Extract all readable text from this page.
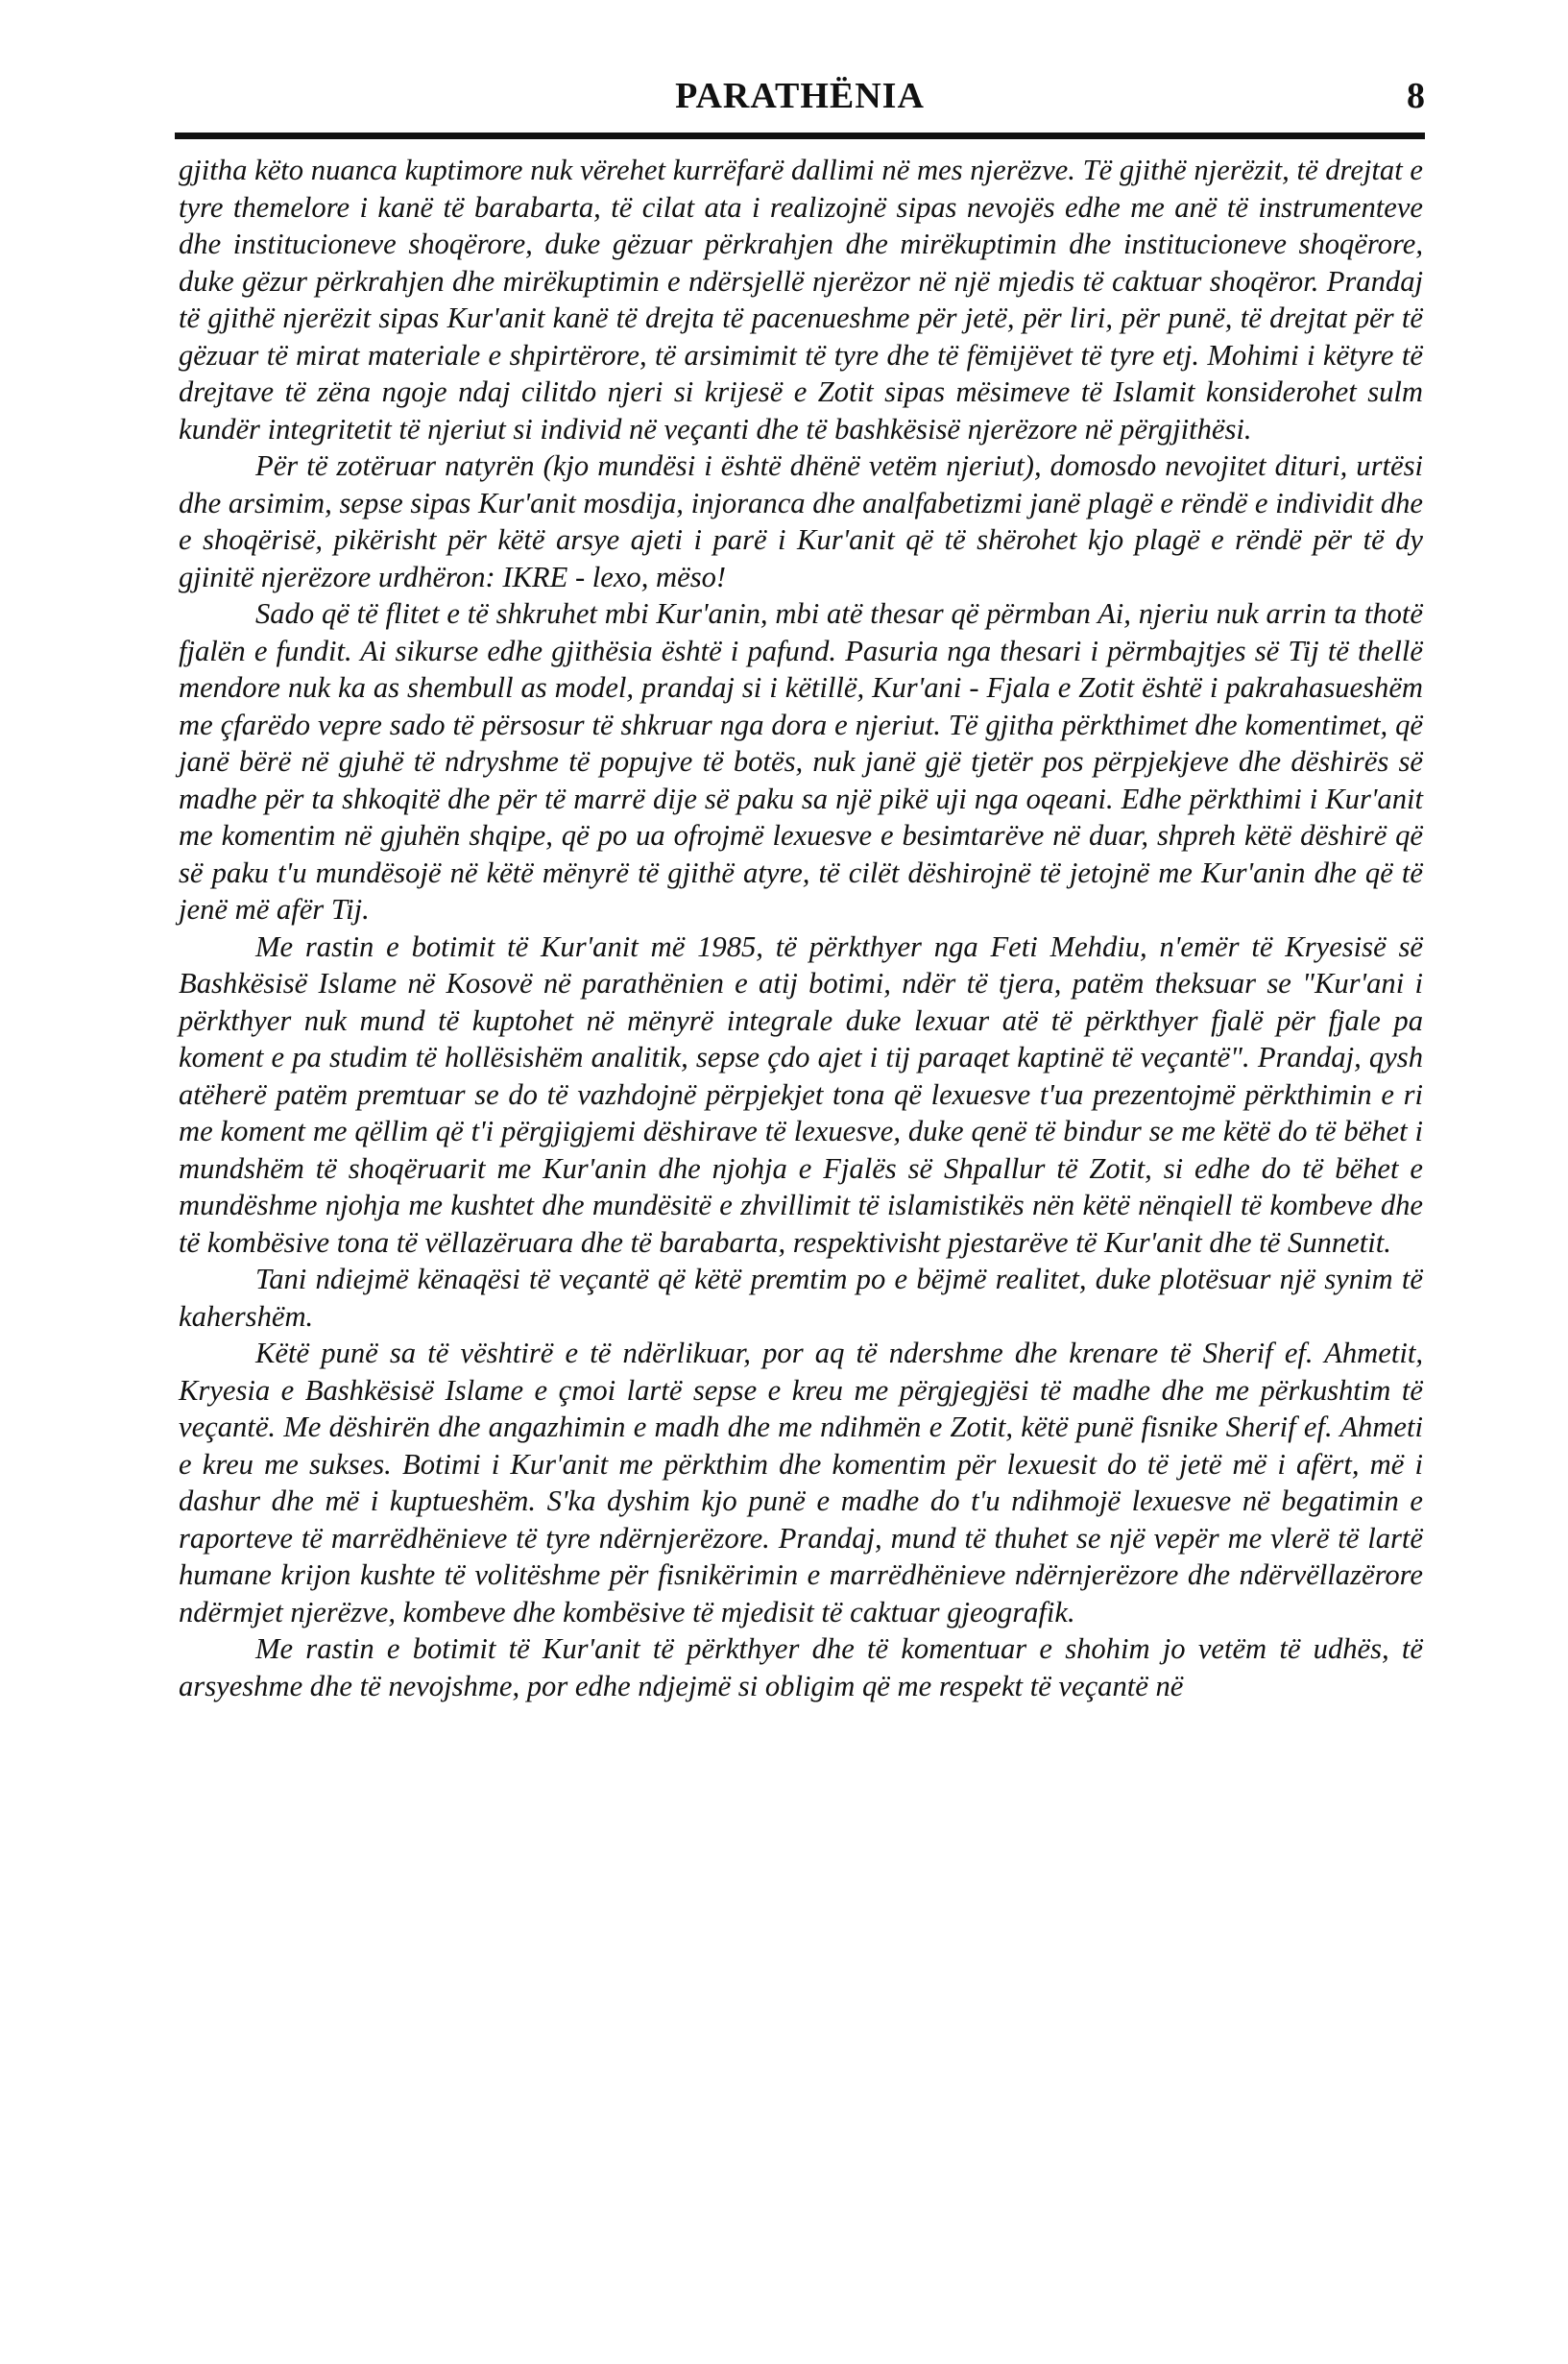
PARATHËNIA	8

gjitha këto nuanca kuptimore nuk vërehet kurrëfarë dallimi në mes njerëzve. Të gjithë njerëzit, të drejtat e tyre themelore i kanë të barabarta, të cilat ata i realizojnë sipas nevojës edhe me anë të instrumenteve dhe institucioneve shoqërore, duke gëzuar përkrahjen dhe mirëkuptimin dhe institucioneve shoqërore, duke gëzur përkrahjen dhe mirëkuptimin e ndërsjellë njerëzor në një mjedis të caktuar shoqëror. Prandaj të gjithë njerëzit sipas Kur'anit kanë të drejta të pacenueshme për jetë, për liri, për punë, të drejtat për të gëzuar të mirat materiale e shpirtërore, të arsimimit të tyre dhe të fëmijëvet të tyre etj. Mohimi i këtyre të drejtave të zëna ngoje ndaj cilitdo njeri si krijesë e Zotit sipas mësimeve të Islamit konsiderohet sulm kundër integritetit të njeriut si individ në veçanti dhe të bashkësisë njerëzore në përgjithësi.

Për të zotëruar natyrën (kjo mundësi i është dhënë vetëm njeriut), domosdo nevojitet dituri, urtësi dhe arsimim, sepse sipas Kur'anit mosdija, injoranca dhe analfabetizmi janë plagë e rëndë e individit dhe e shoqërisë, pikërisht për këtë arsye ajeti i parë i Kur'anit që të shërohet kjo plagë e rëndë për të dy gjinitë njerëzore urdhëron: IKRE - lexo, mëso!

Sado që të flitet e të shkruhet mbi Kur'anin, mbi atë thesar që përmban Ai, njeriu nuk arrin ta thotë fjalën e fundit. Ai sikurse edhe gjithësia është i pafund. Pasuria nga thesari i përmbajtjes së Tij të thellë mendore nuk ka as shembull as model, prandaj si i këtillë, Kur'ani - Fjala e Zotit është i pakrahasueshëm me çfarëdo vepre sado të përsosur të shkruar nga dora e njeriut. Të gjitha përkthimet dhe komentimet, që janë bërë në gjuhë të ndryshme të popujve të botës, nuk janë gjë tjetër pos përpjekjeve dhe dëshirës së madhe për ta shkoqitë dhe për të marrë dije së paku sa një pikë uji nga oqeani. Edhe përkthimi i Kur'anit me komentim në gjuhën shqipe, që po ua ofrojmë lexuesve e besimtarëve në duar, shpreh këtë dëshirë që së paku t'u mundësojë në këtë mënyrë të gjithë atyre, të cilët dëshirojnë të jetojnë me Kur'anin dhe që të jenë më afër Tij.

Me rastin e botimit të Kur'anit më 1985, të përkthyer nga Feti Mehdiu, n'emër të Kryesisë së Bashkësisë Islame në Kosovë në parathënien e atij botimi, ndër të tjera, patëm theksuar se "Kur'ani i përkthyer nuk mund të kuptohet në mënyrë integrale duke lexuar atë të përkthyer fjalë për fjale pa koment e pa studim të hollësishëm analitik, sepse çdo ajet i tij paraqet kaptinë të veçantë". Prandaj, qysh atëherë patëm premtuar se do të vazhdojnë përpjekjet tona që lexuesve t'ua prezentojmë përkthimin e ri me koment me qëllim që t'i përgjigjemi dëshirave të lexuesve, duke qenë të bindur se me këtë do të bëhet i mundshëm të shoqëruarit me Kur'anin dhe njohja e Fjalës së Shpallur të Zotit, si edhe do të bëhet e mundëshme njohja me kushtet dhe mundësitë e zhvillimit të islamistikës nën këtë nënqiell të kombeve dhe të kombësive tona të vëllazëruara dhe të barabarta, respektivisht pjestarëve të Kur'anit dhe të Sunnetit.

Tani ndiejmë kënaqësi të veçantë që këtë premtim po e bëjmë realitet, duke plotësuar një synim të kahershëm.

Këtë punë sa të vështirë e të ndërlikuar, por aq të ndershme dhe krenare të Sherif ef. Ahmetit, Kryesia e Bashkësisë Islame e çmoi lartë sepse e kreu me përgjegjësi të madhe dhe me përkushtim të veçantë. Me dëshirën dhe angazhimin e madh dhe me ndihmën e Zotit, këtë punë fisnike Sherif ef. Ahmeti e kreu me sukses. Botimi i Kur'anit me përkthim dhe komentim për lexuesit do të jetë më i afërt, më i dashur dhe më i kuptueshëm. S'ka dyshim kjo punë e madhe do t'u ndihmojë lexuesve në begatimin e raporteve të marrëdhënieve të tyre ndërnjerëzore. Prandaj, mund të thuhet se një vepër me vlerë të lartë humane krijon kushte të volitëshme për fisnikërimin e marrëdhënieve ndërnjerëzore dhe ndërvëllazërore ndërmjet njerëzve, kombeve dhe kombësive të mjedisit të caktuar gjeografik.

Me rastin e botimit të Kur'anit të përkthyer dhe të komentuar e shohim jo vetëm të udhës, të arsyeshme dhe të nevojshme, por edhe ndjejmë si obligim që me respekt të veçantë në
